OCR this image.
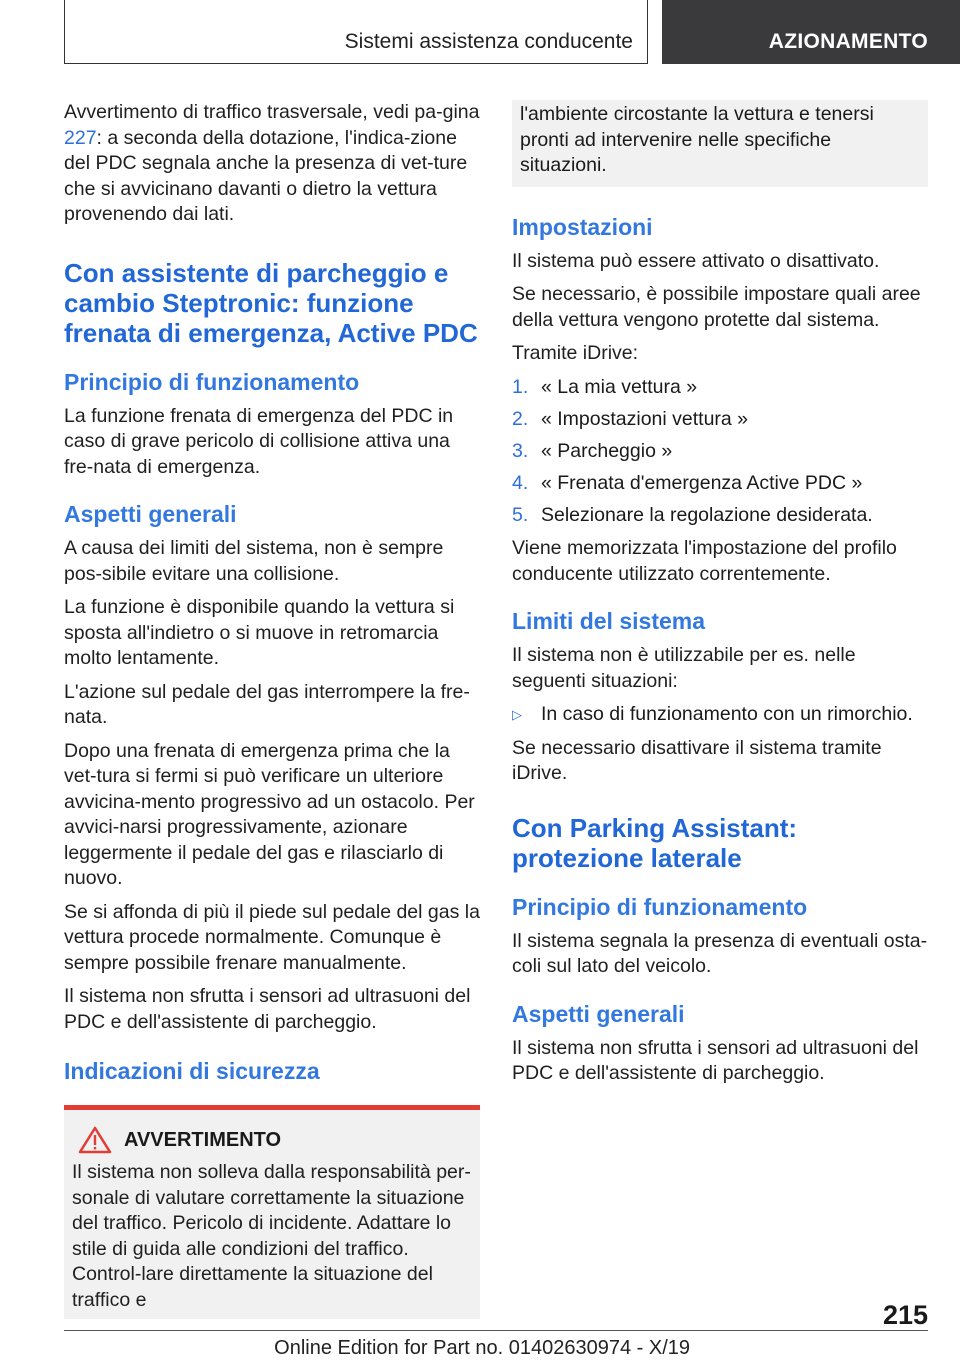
Sistemi assistenza conducente	AZIONAMENTO

Avvertimento di traffico trasversale, vedi pa-gina 227: a seconda della dotazione, l'indica-zione del PDC segnala anche la presenza di vet-ture che si avvicinano davanti o dietro la vettura provenendo dai lati.

Con assistente di parcheggio e cambio Steptronic: funzione frenata di emergenza, Active PDC
Principio di funzionamento

La funzione frenata di emergenza del PDC in caso di grave pericolo di collisione attiva una fre-nata di emergenza.

Aspetti generali

A causa dei limiti del sistema, non è sempre pos-sibile evitare una collisione.

La funzione è disponibile quando la vettura si sposta all'indietro o si muove in retromarcia molto lentamente.

L'azione sul pedale del gas interrompere la fre-nata.

Dopo una frenata di emergenza prima che la vet-tura si fermi si può verificare un ulteriore avvicina-mento progressivo ad un ostacolo. Per avvici-narsi progressivamente, azionare leggermente il pedale del gas e rilasciarlo di nuovo.

Se si affonda di più il piede sul pedale del gas la vettura procede normalmente. Comunque è sempre possibile frenare manualmente.

Il sistema non sfrutta i sensori ad ultrasuoni del PDC e dell'assistente di parcheggio.

Indicazioni di sicurezza
AVVERTIMENTO

Il sistema non solleva dalla responsabilità per-sonale di valutare correttamente la situazione del traffico. Pericolo di incidente. Adattare lo stile di guida alle condizioni del traffico. Control-lare direttamente la situazione del traffico e

l'ambiente circostante la vettura e tenersi pronti ad intervenire nelle specifiche situazioni.

Impostazioni

Il sistema può essere attivato o disattivato.

Se necessario, è possibile impostare quali aree della vettura vengono protette dal sistema.

Tramite iDrive:

1. « La mia vettura »
2. « Impostazioni vettura »
3. « Parcheggio »
4. « Frenata d'emergenza Active PDC »
5. Selezionare la regolazione desiderata.

Viene memorizzata l'impostazione del profilo conducente utilizzato correntemente.

Limiti del sistema

Il sistema non è utilizzabile per es. nelle seguenti situazioni:

▷ In caso di funzionamento con un rimorchio.

Se necessario disattivare il sistema tramite iDrive.

Con Parking Assistant: protezione laterale
Principio di funzionamento

Il sistema segnala la presenza di eventuali osta-coli sul lato del veicolo.

Aspetti generali

Il sistema non sfrutta i sensori ad ultrasuoni del PDC e dell'assistente di parcheggio.

215
Online Edition for Part no. 01402630974 - X/19
